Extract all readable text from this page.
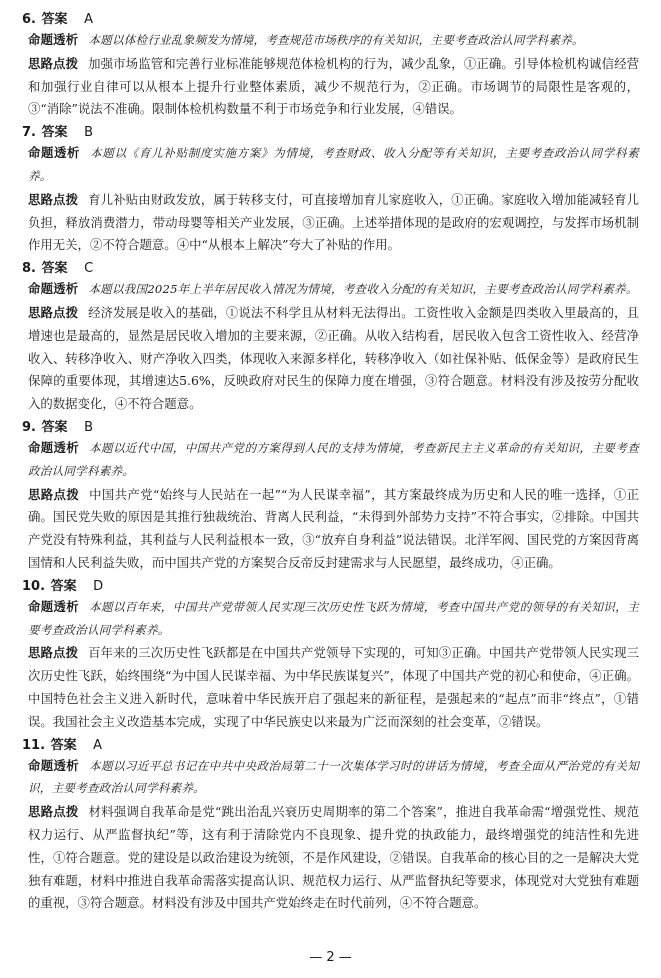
6. 答案 A
命题透析 本题以体检行业乱象频发为情境，考查规范市场秩序的有关知识，主要考查政治认同学科素养。
思路点拨 加强市场监管和完善行业标准能够规范体检机构的行为，减少乱象，①正确。引导体检机构诚信经营和加强行业自律可以从根本上提升行业整体素质，减少不规范行为，②正确。市场调节的局限性是客观的，③“消除”说法不准确。限制体检机构数量不利于市场竞争和行业发展，④错误。
7. 答案 B
命题透析 本题以《育儿补贴制度实施方案》为情境，考查财政、收入分配等有关知识，主要考查政治认同学科素养。
思路点拨 育儿补贴由财政发放，属于转移支付，可直接增加育儿家庭收入，①正确。家庭收入增加能减轻育儿负担，释放消费潜力，带动母婴等相关产业发展，③正确。上述举措体现的是政府的宏观调控，与发挥市场机制作用无关，②不符合题意。④中“从根本上解决”夸大了补贴的作用。
8. 答案 C
命题透析 本题以我国2025年上半年居民收入情况为情境，考查收入分配的有关知识，主要考查政治认同学科素养。
思路点拨 经济发展是收入的基础，①说法不科学且从材料无法得出。工资性收入金额是四类收入里最高的，且增速也是最高的，显然是居民收入增加的主要来源，②正确。从收入结构看，居民收入包含工资性收入、经营净收入、转移净收入、财产净收入四类，体现收入来源多样化，转移净收入（如社保补贴、低保金等）是政府民生保障的重要体现，其增速达5.6%，反映政府对民生的保障力度在增强，③符合题意。材料没有涉及按劳分配收入的数据变化，④不符合题意。
9. 答案 B
命题透析 本题以近代中国，中国共产党的方案得到人民的支持为情境，考查新民主主义革命的有关知识，主要考查政治认同学科素养。
思路点拨 中国共产党“始终与人民站在一起”“为人民谋幸福”，其方案最终成为历史和人民的唯一选择，①正确。国民党失败的原因是其推行独裁统治、背离人民利益，“未得到外部势力支持”不符合事实，②排除。中国共产党没有特殊利益，其利益与人民利益根本一致，③“放弃自身利益”说法错误。北洋军阀、国民党的方案因背离国情和人民利益失败，而中国共产党的方案契合反帝反封建需求与人民愿望，最终成功，④正确。
10. 答案 D
命题透析 本题以百年来，中国共产党带领人民实现三次历史性飞跃为情境，考查中国共产党的领导的有关知识，主要考查政治认同学科素养。
思路点拨 百年来的三次历史性飞跃都是在中国共产党领导下实现的，可知③正确。中国共产党带领人民实现三次历史性飞跃，始终围绕“为中国人民谋幸福、为中华民族谋复兴”，体现了中国共产党的初心和使命，④正确。中国特色社会主义进入新时代，意味着中华民族开启了强起来的新征程，是强起来的“起点”而非“终点”，①错误。我国社会主义改造基本完成，实现了中华民族史以来最为广泛而深刻的社会变革，②错误。
11. 答案 A
命题透析 本题以习近平总书记在中共中央政治局第二十一次集体学习时的讲话为情境，考查全面从严治党的有关知识，主要考查政治认同学科素养。
思路点拨 材料强调自我革命是党“跳出治乱兴衰历史周期率的第二个答案”，推进自我革命需“增强党性、规范权力运行、从严监督执纪”等，这有利于清除党内不良现象、提升党的执政能力，最终增强党的纯洁性和先进性，①符合题意。党的建设是以政治建设为统领，不是作风建设，②错误。自我革命的核心目的之一是解决大党独有难题，材料中推进自我革命需落实提高认识、规范权力运行、从严监督执纪等要求，体现党对大党独有难题的重视，③符合题意。材料没有涉及中国共产党始终走在时代前列，④不符合题意。
— 2 —
